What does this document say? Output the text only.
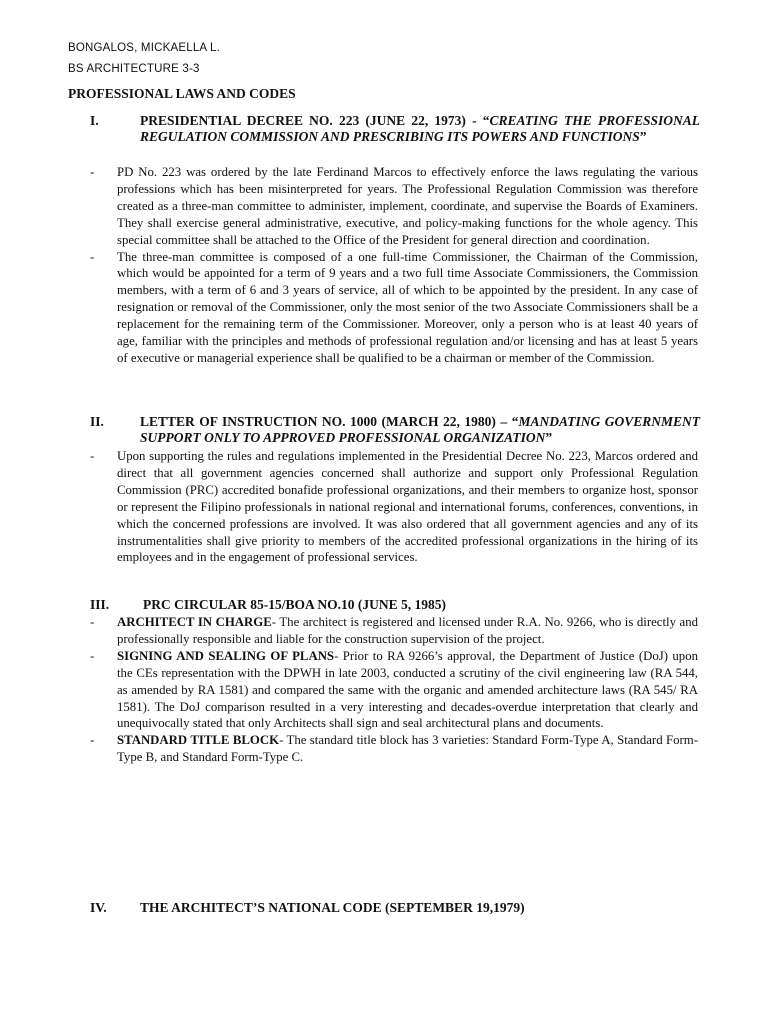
BONGALOS, MICKAELLA L.
BS ARCHITECTURE 3-3
PROFESSIONAL LAWS AND CODES
I.	PRESIDENTIAL DECREE NO. 223 (JUNE 22, 1973) - “CREATING THE PROFESSIONAL REGULATION COMMISSION AND PRESCRIBING ITS POWERS AND FUNCTIONS”

- PD No. 223 was ordered by the late Ferdinand Marcos to effectively enforce the laws regulating the various professions which has been misinterpreted for years. The Professional Regulation Commission was therefore created as a three-man committee to administer, implement, coordinate, and supervise the Boards of Examiners. They shall exercise general administrative, executive, and policy-making functions for the whole agency. This special committee shall be attached to the Office of the President for general direction and coordination.

- The three-man committee is composed of a one full-time Commissioner, the Chairman of the Commission, which would be appointed for a term of 9 years and a two full time Associate Commissioners, the Commission members, with a term of 6 and 3 years of service, all of which to be appointed by the president. In any case of resignation or removal of the Commissioner, only the most senior of the two Associate Commissioners shall be a replacement for the remaining term of the Commissioner. Moreover, only a person who is at least 40 years of age, familiar with the principles and methods of professional regulation and/or licensing and has at least 5 years of executive or managerial experience shall be qualified to be a chairman or member of the Commission.

II.	LETTER OF INSTRUCTION NO. 1000 (MARCH 22, 1980) – “MANDATING GOVERNMENT SUPPORT ONLY TO APPROVED PROFESSIONAL ORGANIZATION”

- Upon supporting the rules and regulations implemented in the Presidential Decree No. 223, Marcos ordered and direct that all government agencies concerned shall authorize and support only Professional Regulation Commission (PRC) accredited bonafide professional organizations, and their members to organize host, sponsor or represent the Filipino professionals in national regional and international forums, conferences, conventions, in which the concerned professions are involved. It was also ordered that all government agencies and any of its instrumentalities shall give priority to members of the accredited professional organizations in the hiring of its employees and in the engagement of professional services.

III.	PRC CIRCULAR 85-15/BOA NO.10 (JUNE 5, 1985)

- ARCHITECT IN CHARGE- The architect is registered and licensed under R.A. No. 9266, who is directly and professionally responsible and liable for the construction supervision of the project.

- SIGNING AND SEALING OF PLANS- Prior to RA 9266’s approval, the Department of Justice (DoJ) upon the CEs representation with the DPWH in late 2003, conducted a scrutiny of the civil engineering law (RA 544, as amended by RA 1581) and compared the same with the organic and amended architecture laws (RA 545/ RA 1581). The DoJ comparison resulted in a very interesting and decades-overdue interpretation that clearly and unequivocally stated that only Architects shall sign and seal architectural plans and documents.

- STANDARD TITLE BLOCK- The standard title block has 3 varieties: Standard Form-Type A, Standard Form-Type B, and Standard Form-Type C.

IV. THE ARCHITECT’S NATIONAL CODE (SEPTEMBER 19,1979)
